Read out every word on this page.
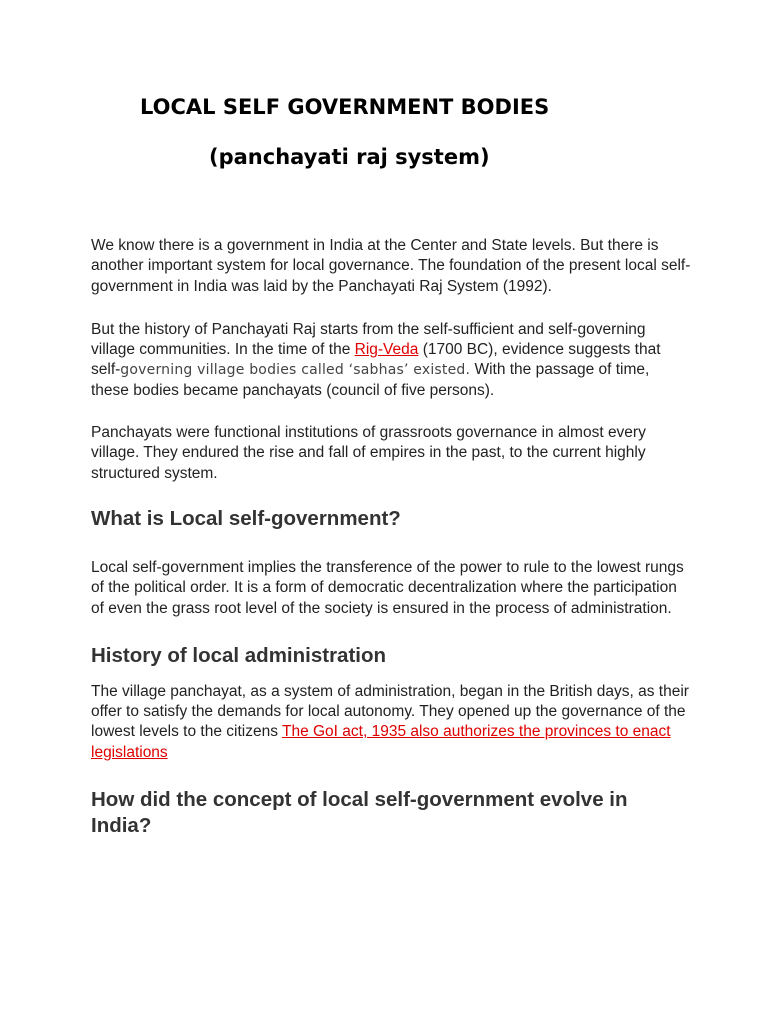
LOCAL SELF GOVERNMENT BODIES
(panchayati raj system)

We know there is a government in India at the Center and State levels. But there is another important system for local governance. The foundation of the present local self-government in India was laid by the Panchayati Raj System (1992).

But the history of Panchayati Raj starts from the self-sufficient and self-governing village communities. In the time of the Rig-Veda (1700 BC), evidence suggests that self-governing village bodies called ‘sabhas’ existed. With the passage of time, these bodies became panchayats (council of five persons).

Panchayats were functional institutions of grassroots governance in almost every village. They endured the rise and fall of empires in the past, to the current highly structured system.

What is Local self-government?

Local self-government implies the transference of the power to rule to the lowest rungs of the political order. It is a form of democratic decentralization where the participation of even the grass root level of the society is ensured in the process of administration.

History of local administration

The village panchayat, as a system of administration, began in the British days, as their offer to satisfy the demands for local autonomy. They opened up the governance of the lowest levels to the citizens The GoI act, 1935 also authorizes the provinces to enact legislations

How did the concept of local self-government evolve in India?
